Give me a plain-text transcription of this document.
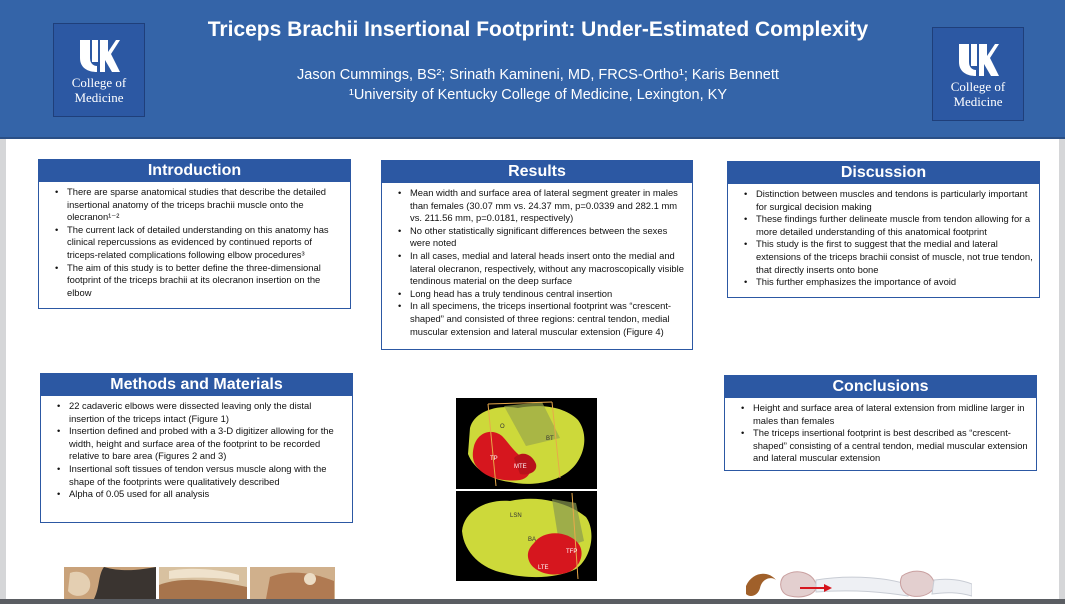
College of
Medicine
Triceps Brachii Insertional Footprint: Under-Estimated Complexity
Jason Cummings, BS²; Srinath Kamineni, MD, FRCS-Ortho¹; Karis Bennett
¹University of Kentucky College of Medicine, Lexington, KY
College of
Medicine
Introduction
• There are sparse anatomical studies that describe the detailed insertional anatomy of the triceps brachii muscle onto the olecranon¹⁻²
• The current lack of detailed understanding on this anatomy has clinical repercussions as evidenced by continued reports of triceps-related complications following elbow procedures³
• The aim of this study is to better define the three-dimensional footprint of the triceps brachii at its olecranon insertion on the elbow
Methods and Materials
• 22 cadaveric elbows were dissected leaving only the distal insertion of the triceps intact (Figure 1)
• Insertion defined and probed with a 3-D digitizer allowing for the width, height and surface area of the footprint to be recorded relative to bare area (Figures 2 and 3)
• Insertional soft tissues of tendon versus muscle along with the shape of the footprints were qualitatively described
• Alpha of 0.05 used for all analysis
Results
• Mean width and surface area of lateral segment greater in males than females (30.07 mm vs. 24.37 mm, p=0.0339 and 282.1 mm vs. 211.56 mm, p=0.0181, respectively)
• No other statistically significant differences between the sexes were noted
• In all cases, medial and lateral heads insert onto the medial and lateral olecranon, respectively, without any macroscopically visible tendinous material on the deep surface
• Long head has a truly tendinous central insertion
• In all specimens, the triceps insertional footprint was “crescent-shaped” and consisted of three regions: central tendon, medial muscular extension and lateral muscular extension (Figure 4)
Discussion
• Distinction between muscles and tendons is particularly important for surgical decision making
• These findings further delineate muscle from tendon allowing for a more detailed understanding of this anatomical footprint
• This study is the first to suggest that the medial and lateral extensions of the triceps brachii consist of muscle, not true tendon, that directly inserts onto bone
• This further emphasizes the importance of avoid
Conclusions
• Height and surface area of lateral extension from midline larger in males than females
• The triceps insertional footprint is best described as “crescent-shaped” consisting of a central tendon, medial muscular extension and lateral muscular extension
TP
MTE
O
BT
LSN
BA
TFP
LTE
